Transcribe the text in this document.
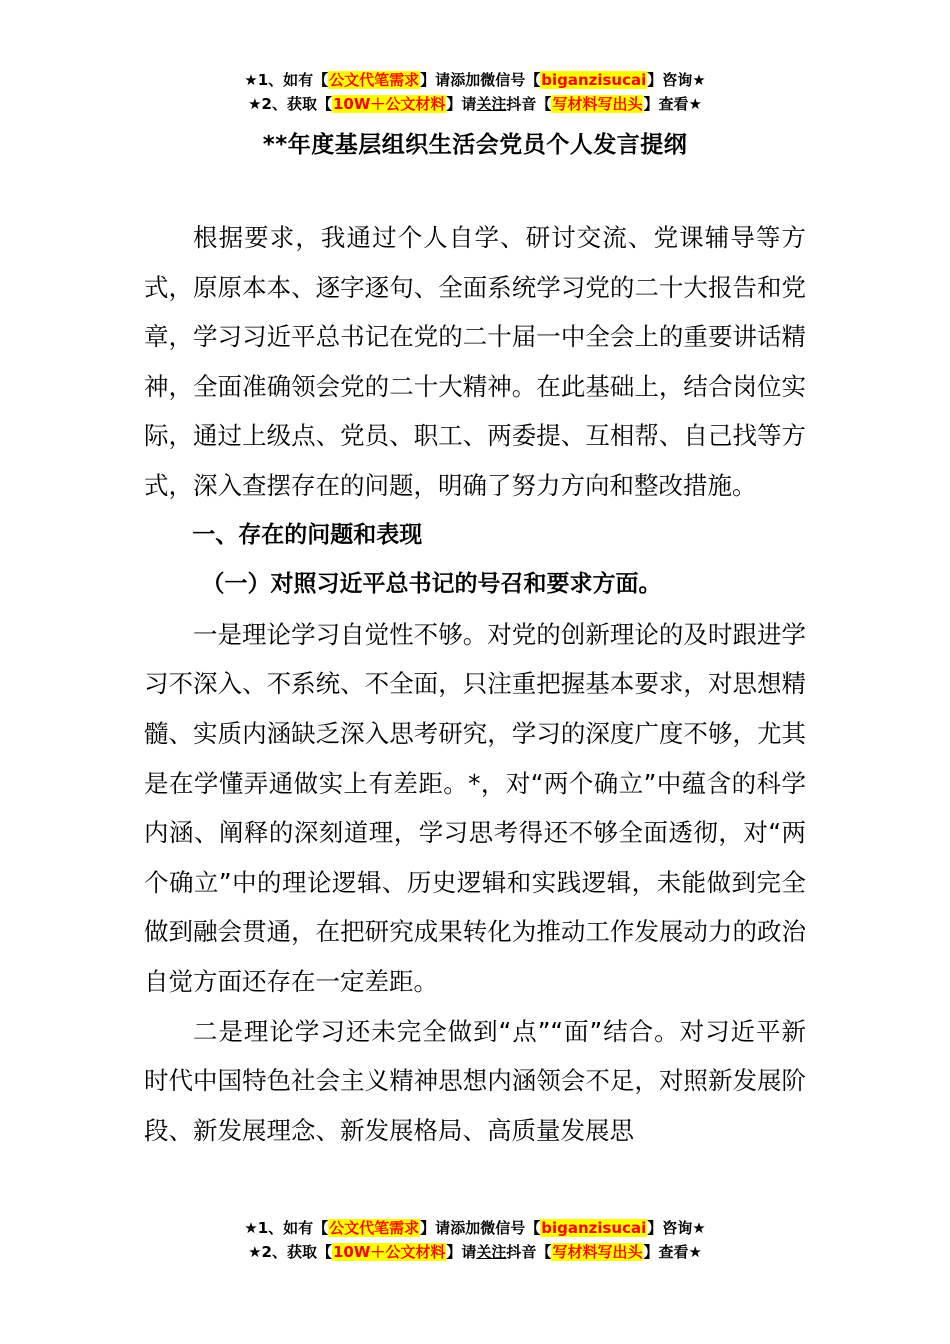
★1、如有【公文代笔需求】请添加微信号【biganzisucai】咨询★
★2、获取【10W＋公文材料】请关注抖音【写材料写出头】查看★
**年度基层组织生活会党员个人发言提纲

根据要求，我通过个人自学、研讨交流、党课辅导等方式，原原本本、逐字逐句、全面系统学习党的二十大报告和党章，学习习近平总书记在党的二十届一中全会上的重要讲话精神，全面准确领会党的二十大精神。在此基础上，结合岗位实际，通过上级点、党员、职工、两委提、互相帮、自己找等方式，深入查摆存在的问题，明确了努力方向和整改措施。

一、存在的问题和表现

（一）对照习近平总书记的号召和要求方面。

一是理论学习自觉性不够。对党的创新理论的及时跟进学习不深入、不系统、不全面，只注重把握基本要求，对思想精髓、实质内涵缺乏深入思考研究，学习的深度广度不够，尤其是在学懂弄通做实上有差距。*，对“两个确立”中蕴含的科学内涵、阐释的深刻道理，学习思考得还不够全面透彻，对“两个确立”中的理论逻辑、历史逻辑和实践逻辑，未能做到完全做到融会贯通，在把研究成果转化为推动工作发展动力的政治自觉方面还存在一定差距。

二是理论学习还未完全做到“点”“面”结合。对习近平新时代中国特色社会主义精神思想内涵领会不足，对照新发展阶段、新发展理念、新发展格局、高质量发展思

★1、如有【公文代笔需求】请添加微信号【biganzisucai】咨询★
★2、获取【10W＋公文材料】请关注抖音【写材料写出头】查看★
